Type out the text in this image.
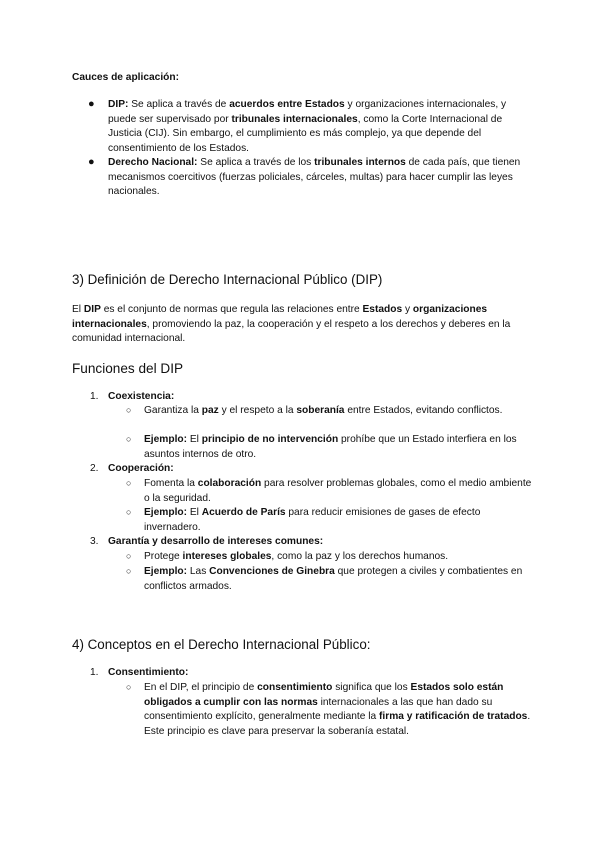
Cauces de aplicación:
● DIP: Se aplica a través de acuerdos entre Estados y organizaciones internacionales, y puede ser supervisado por tribunales internacionales, como la Corte Internacional de Justicia (CIJ). Sin embargo, el cumplimiento es más complejo, ya que depende del consentimiento de los Estados.
● Derecho Nacional: Se aplica a través de los tribunales internos de cada país, que tienen mecanismos coercitivos (fuerzas policiales, cárceles, multas) para hacer cumplir las leyes nacionales.
3) Definición de Derecho Internacional Público (DIP)
El DIP es el conjunto de normas que regula las relaciones entre Estados y organizaciones internacionales, promoviendo la paz, la cooperación y el respeto a los derechos y deberes en la comunidad internacional.
Funciones del DIP
1. Coexistencia:
○ Garantiza la paz y el respeto a la soberanía entre Estados, evitando conflictos.
○ Ejemplo: El principio de no intervención prohíbe que un Estado interfiera en los asuntos internos de otro.
2. Cooperación:
○ Fomenta la colaboración para resolver problemas globales, como el medio ambiente o la seguridad.
○ Ejemplo: El Acuerdo de París para reducir emisiones de gases de efecto invernadero.
3. Garantía y desarrollo de intereses comunes:
○ Protege intereses globales, como la paz y los derechos humanos.
○ Ejemplo: Las Convenciones de Ginebra que protegen a civiles y combatientes en conflictos armados.
4) Conceptos en el Derecho Internacional Público:
1. Consentimiento:
○ En el DIP, el principio de consentimiento significa que los Estados solo están obligados a cumplir con las normas internacionales a las que han dado su consentimiento explícito, generalmente mediante la firma y ratificación de tratados. Este principio es clave para preservar la soberanía estatal.
